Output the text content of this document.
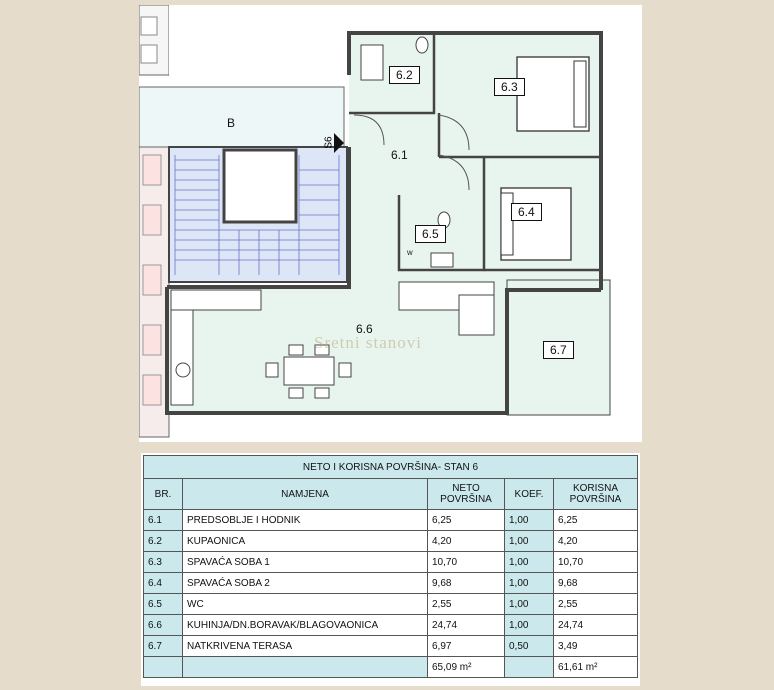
B
6.1
6.2
6.3
6.4
6.5
6.6
6.7
S6
W
Sretni stanovi
NETO I KORISNA POVRŠINA- STAN 6				
BR.	NAMJENA	NETO POVRŠINA	KOEF.	KORISNA POVRŠINA
6.1	PREDSOBLJE I HODNIK	6,25	1,00	6,25
6.2	KUPAONICA	4,20	1,00	4,20
6.3	SPAVAĆA SOBA 1	10,70	1,00	10,70
6.4	SPAVAĆA SOBA 2	9,68	1,00	9,68
6.5	WC	2,55	1,00	2,55
6.6	KUHINJA/DN.BORAVAK/BLAGOVAONICA	24,74	1,00	24,74
6.7	NATKRIVENA TERASA	6,97	0,50	3,49
		65,09 m²		61,61 m²
